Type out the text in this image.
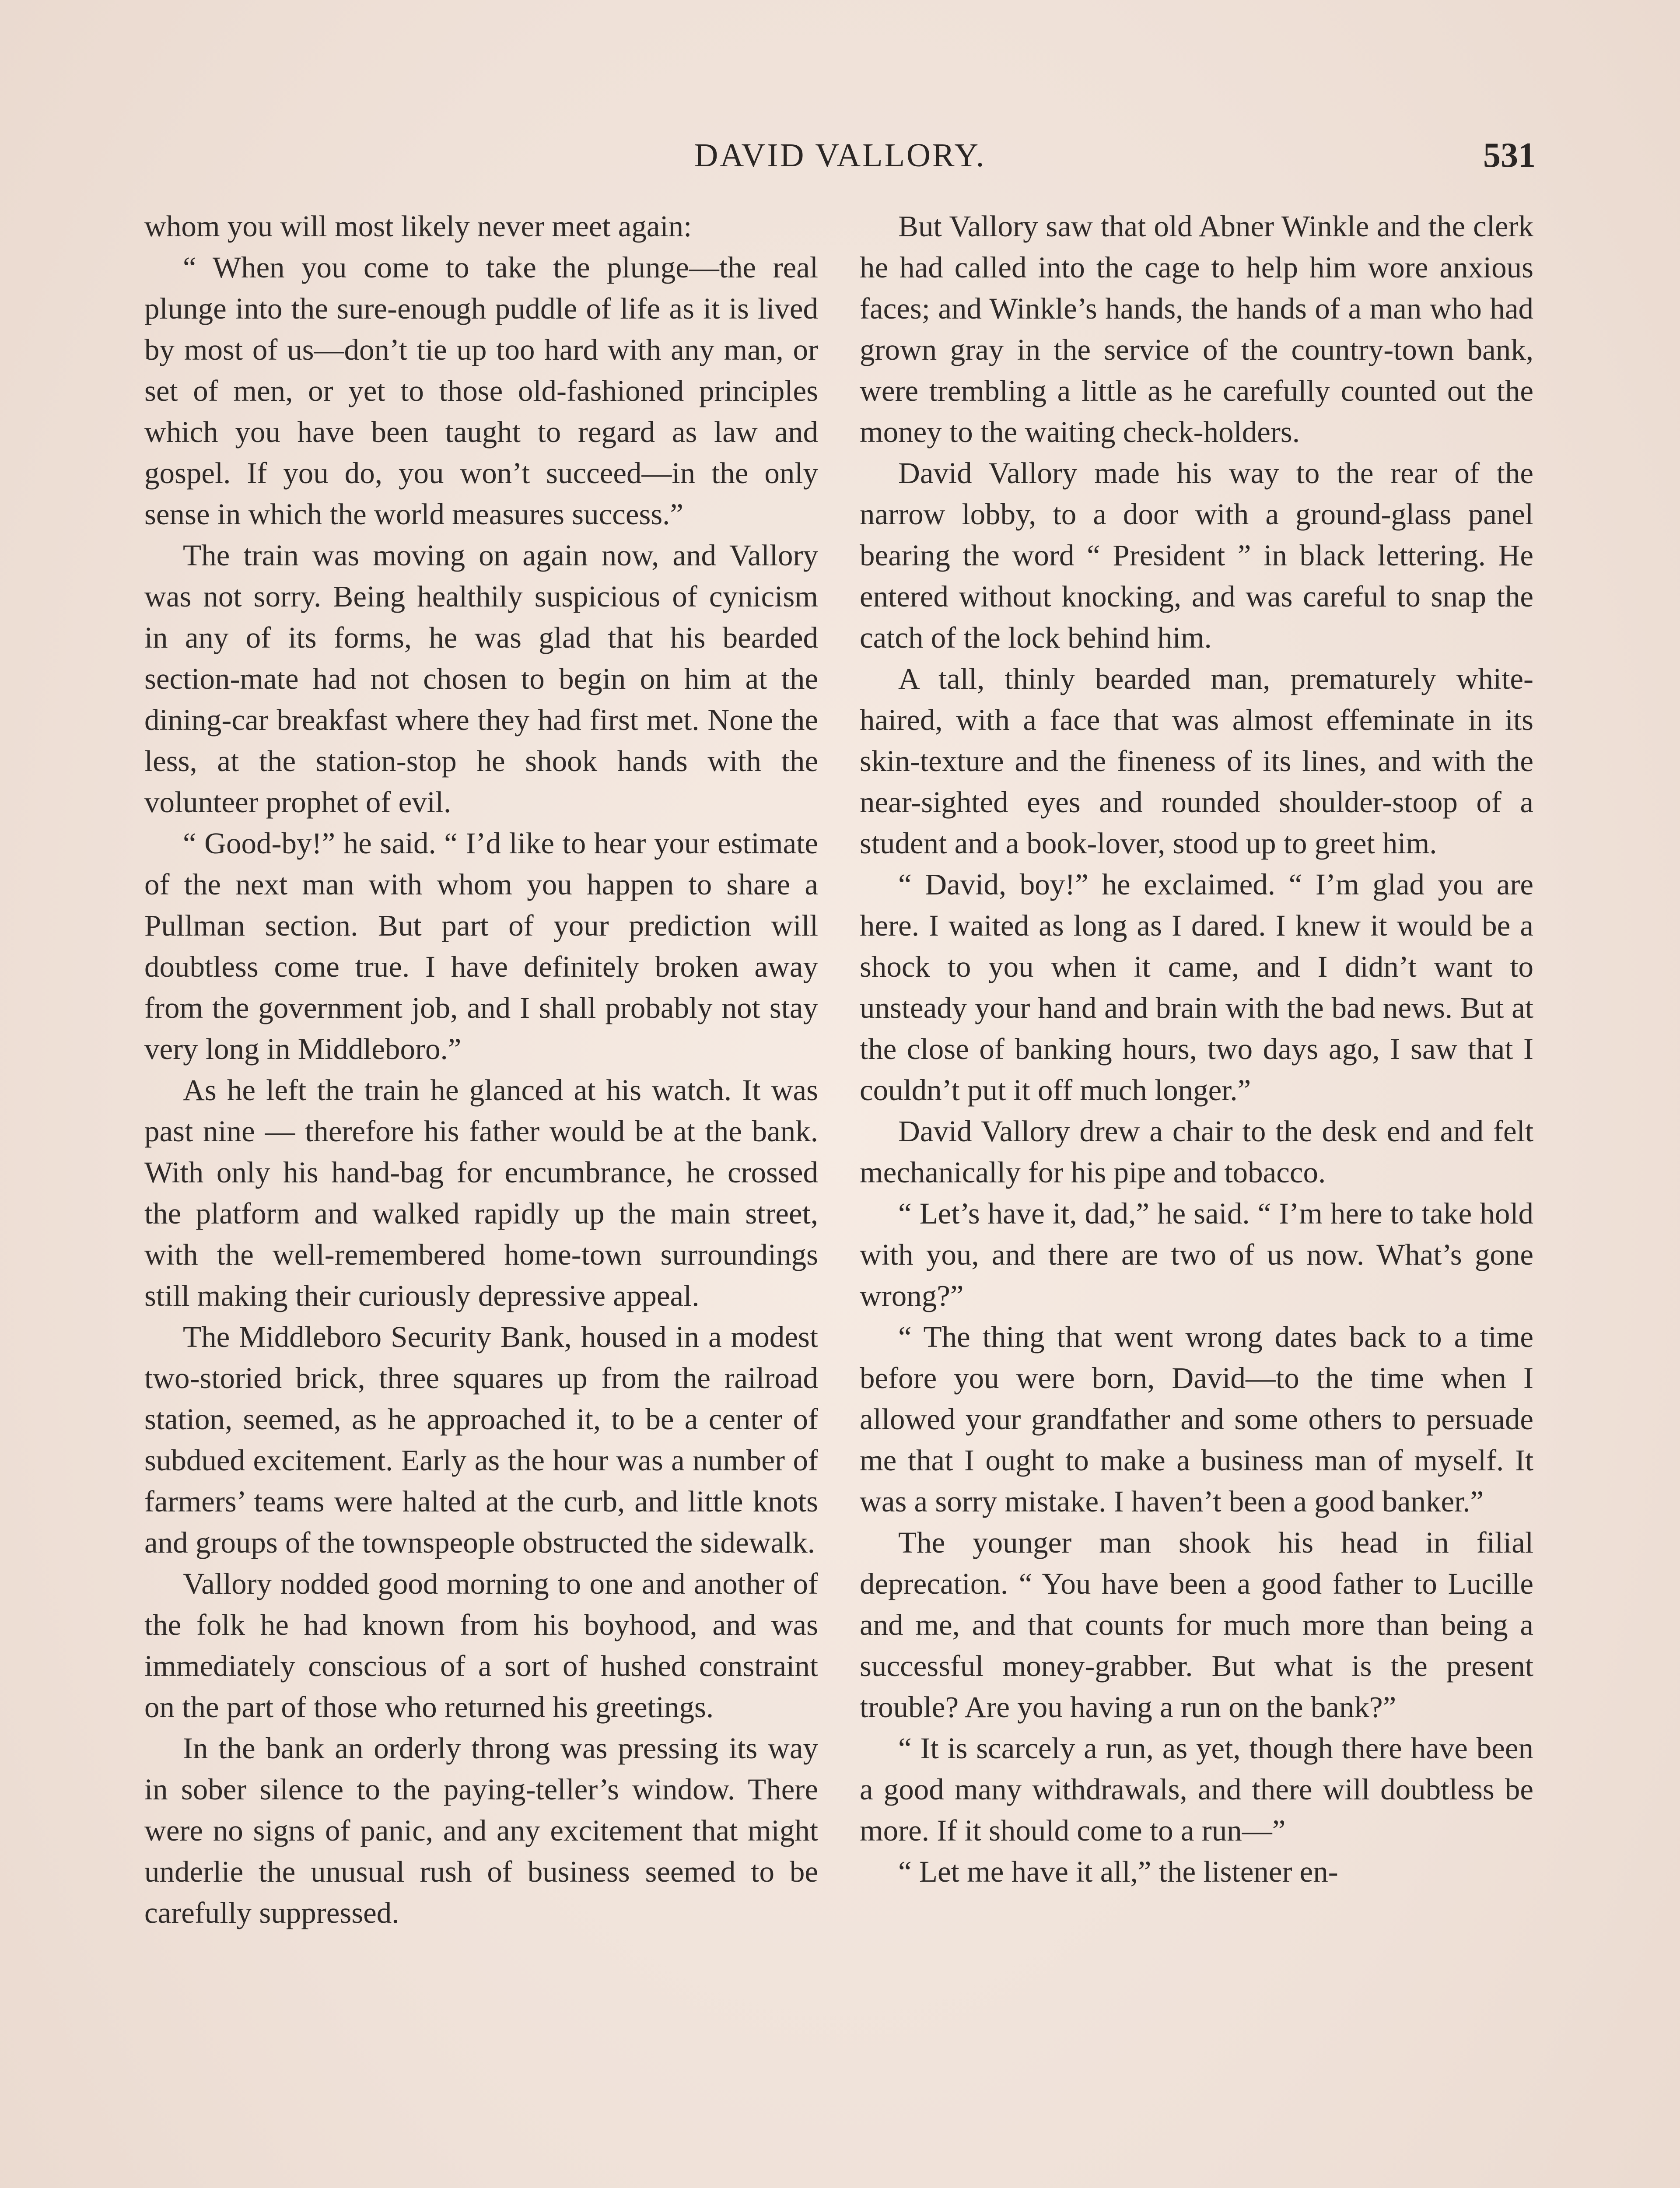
DAVID VALLORY.	531

whom you will most likely never meet again:

“ When you come to take the plunge—the real plunge into the sure-enough puddle of life as it is lived by most of us—don’t tie up too hard with any man, or set of men, or yet to those old-fashioned principles which you have been taught to regard as law and gospel. If you do, you won’t succeed—in the only sense in which the world measures success.”

The train was moving on again now, and Vallory was not sorry. Being healthily suspicious of cynicism in any of its forms, he was glad that his bearded section-mate had not chosen to begin on him at the dining-car breakfast where they had first met. None the less, at the station-stop he shook hands with the volunteer prophet of evil.

“ Good-by!” he said. “ I’d like to hear your estimate of the next man with whom you happen to share a Pullman section. But part of your prediction will doubtless come true. I have definitely broken away from the government job, and I shall probably not stay very long in Middleboro.”

As he left the train he glanced at his watch. It was past nine — therefore his father would be at the bank. With only his hand-bag for encumbrance, he crossed the platform and walked rapidly up the main street, with the well-remembered home-town surroundings still making their curiously depressive appeal.

The Middleboro Security Bank, housed in a modest two-storied brick, three squares up from the railroad station, seemed, as he approached it, to be a center of subdued excitement. Early as the hour was a number of farmers’ teams were halted at the curb, and little knots and groups of the townspeople obstructed the sidewalk.

Vallory nodded good morning to one and another of the folk he had known from his boyhood, and was immediately conscious of a sort of hushed constraint on the part of those who returned his greetings.

In the bank an orderly throng was pressing its way in sober silence to the paying-teller’s window. There were no signs of panic, and any excitement that might underlie the unusual rush of business seemed to be carefully suppressed.

But Vallory saw that old Abner Winkle and the clerk he had called into the cage to help him wore anxious faces; and Winkle’s hands, the hands of a man who had grown gray in the service of the country-town bank, were trembling a little as he carefully counted out the money to the waiting check-holders.

David Vallory made his way to the rear of the narrow lobby, to a door with a ground-glass panel bearing the word “ President ” in black lettering. He entered without knocking, and was careful to snap the catch of the lock behind him.

A tall, thinly bearded man, prematurely white-haired, with a face that was almost effeminate in its skin-texture and the fineness of its lines, and with the near-sighted eyes and rounded shoulder-stoop of a student and a book-lover, stood up to greet him.

“ David, boy!” he exclaimed. “ I’m glad you are here. I waited as long as I dared. I knew it would be a shock to you when it came, and I didn’t want to unsteady your hand and brain with the bad news. But at the close of banking hours, two days ago, I saw that I couldn’t put it off much longer.”

David Vallory drew a chair to the desk end and felt mechanically for his pipe and tobacco.

“ Let’s have it, dad,” he said. “ I’m here to take hold with you, and there are two of us now. What’s gone wrong?”

“ The thing that went wrong dates back to a time before you were born, David—to the time when I allowed your grandfather and some others to persuade me that I ought to make a business man of myself. It was a sorry mistake. I haven’t been a good banker.”

The younger man shook his head in filial deprecation. “ You have been a good father to Lucille and me, and that counts for much more than being a successful money-grabber. But what is the present trouble? Are you having a run on the bank?”

“ It is scarcely a run, as yet, though there have been a good many withdrawals, and there will doubtless be more. If it should come to a run—”

“ Let me have it all,” the listener en-
